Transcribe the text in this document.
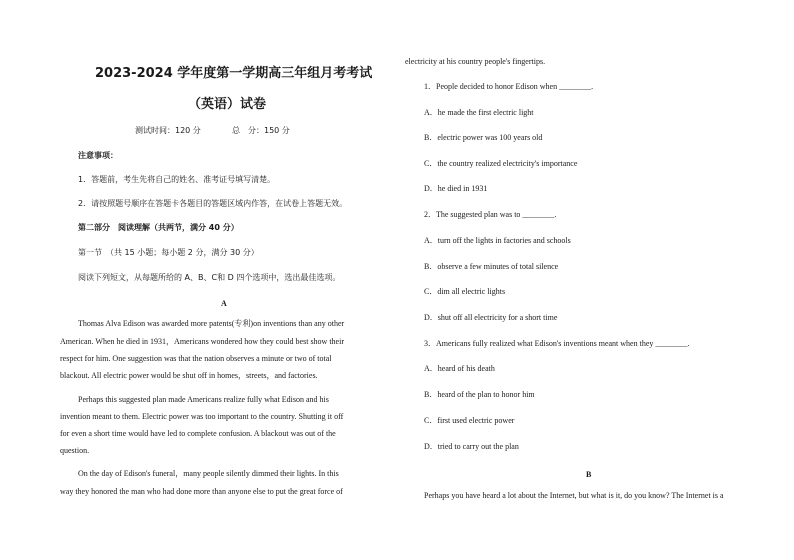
2023-2024 学年度第一学期高三年组月考考试
（英语）试卷
测试时间：120 分	总　分：150 分
注意事项：
1．答题前，考生先将自己的姓名、准考证号填写清楚。
2．请按照题号顺序在答题卡各题目的答题区域内作答，在试卷上答题无效。
第二部分　阅读理解（共两节，满分 40 分）
第一节　（共 15 小题；每小题 2 分，满分 30 分）
阅读下列短文，从每题所给的 A、B、C和 D 四个选项中，选出最佳选项。
A
Thomas Alva Edison was awarded more patents(专利)on inventions than any other
American. When he died in 1931，Americans wondered how they could best show their
respect for him. One suggestion was that the nation observes a minute or two of total
blackout. All electric power would be shut off in homes，streets，and factories.
Perhaps this suggested plan made Americans realize fully what Edison and his
invention meant to them. Electric power was too important to the country. Shutting it off
for even a short time would have led to complete confusion. A blackout was out of the
question.
On the day of Edison's funeral，many people silently dimmed their lights. In this
way they honored the man who had done more than anyone else to put the great force of
electricity at his country people's fingertips.
1．People decided to honor Edison when ________.
A．he made the first electric light
B．electric power was 100 years old
C．the country realized electricity's importance
D．he died in 1931
2．The suggested plan was to ________.
A．turn off the lights in factories and schools
B．observe a few minutes of total silence
C．dim all electric lights
D．shut off all electricity for a short time
3．Americans fully realized what Edison's inventions meant when they ________.
A．heard of his death
B．heard of the plan to honor him
C．first used electric power
D．tried to carry out the plan
B
Perhaps you have heard a lot about the Internet, but what is it, do you know? The Internet is a
